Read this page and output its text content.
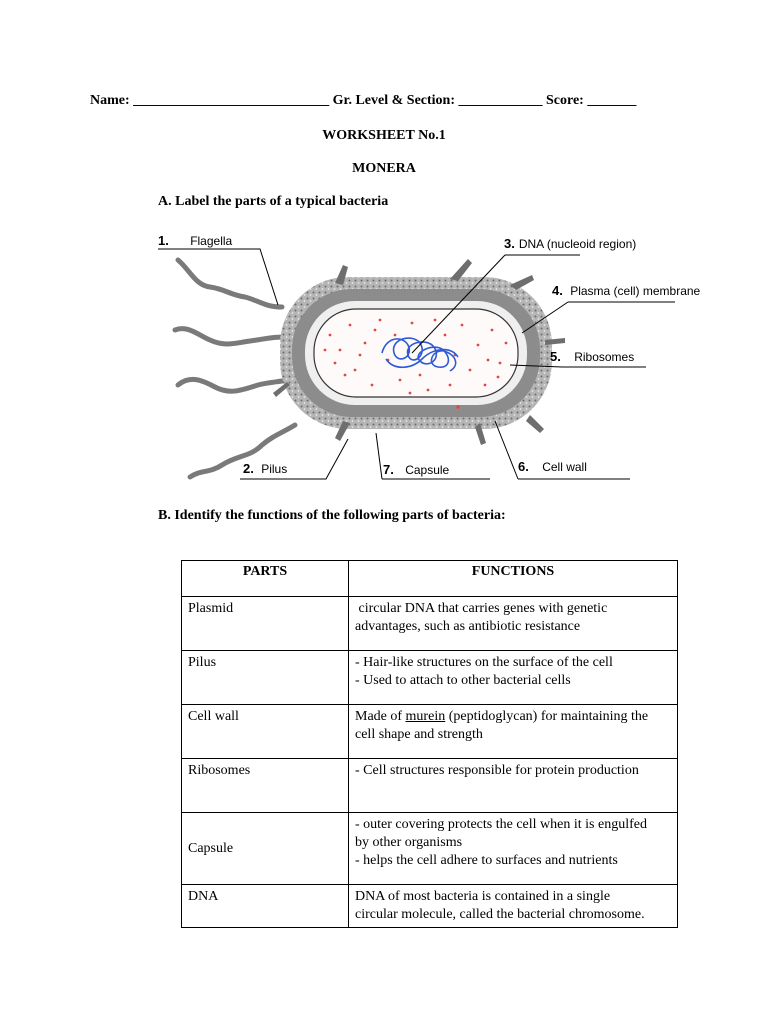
Name: ____________________________ Gr. Level & Section: ____________ Score: _______
WORKSHEET No.1
MONERA
A. Label the parts of a typical bacteria
1. Flagella
2. Pilus
3. DNA (nucleoid region)
4. Plasma (cell) membrane
5. Ribosomes
6. Cell wall
7. Capsule
B. Identify the functions of the following parts of bacteria:
PARTS	FUNCTIONS
Plasmid	circular DNA that carries genes with genetic
advantages, such as antibiotic resistance

Pilus	- Hair-like structures on the surface of the cell
- Used to attach to other bacterial cells

Cell wall	Made of murein (peptidoglycan) for maintaining the
cell shape and strength

Ribosomes	- Cell structures responsible for protein production

Capsule	- outer covering protects the cell when it is engulfed
by other organisms
- helps the cell adhere to surfaces and nutrients

DNA	DNA of most bacteria is contained in a single
circular molecule, called the bacterial chromosome.
